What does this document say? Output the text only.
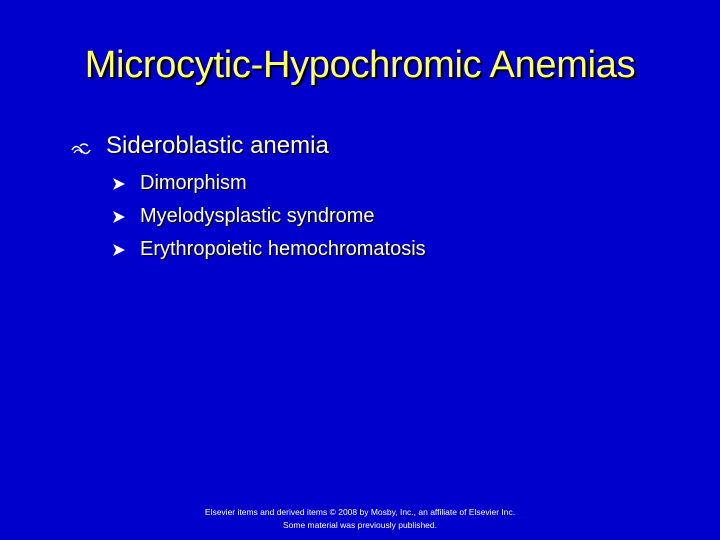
Microcytic-Hypochromic Anemias
Sideroblastic anemia
Dimorphism
Myelodysplastic syndrome
Erythropoietic hemochromatosis
Elsevier items and derived items © 2008 by Mosby, Inc., an affiliate of Elsevier Inc.
Some material was previously published.
